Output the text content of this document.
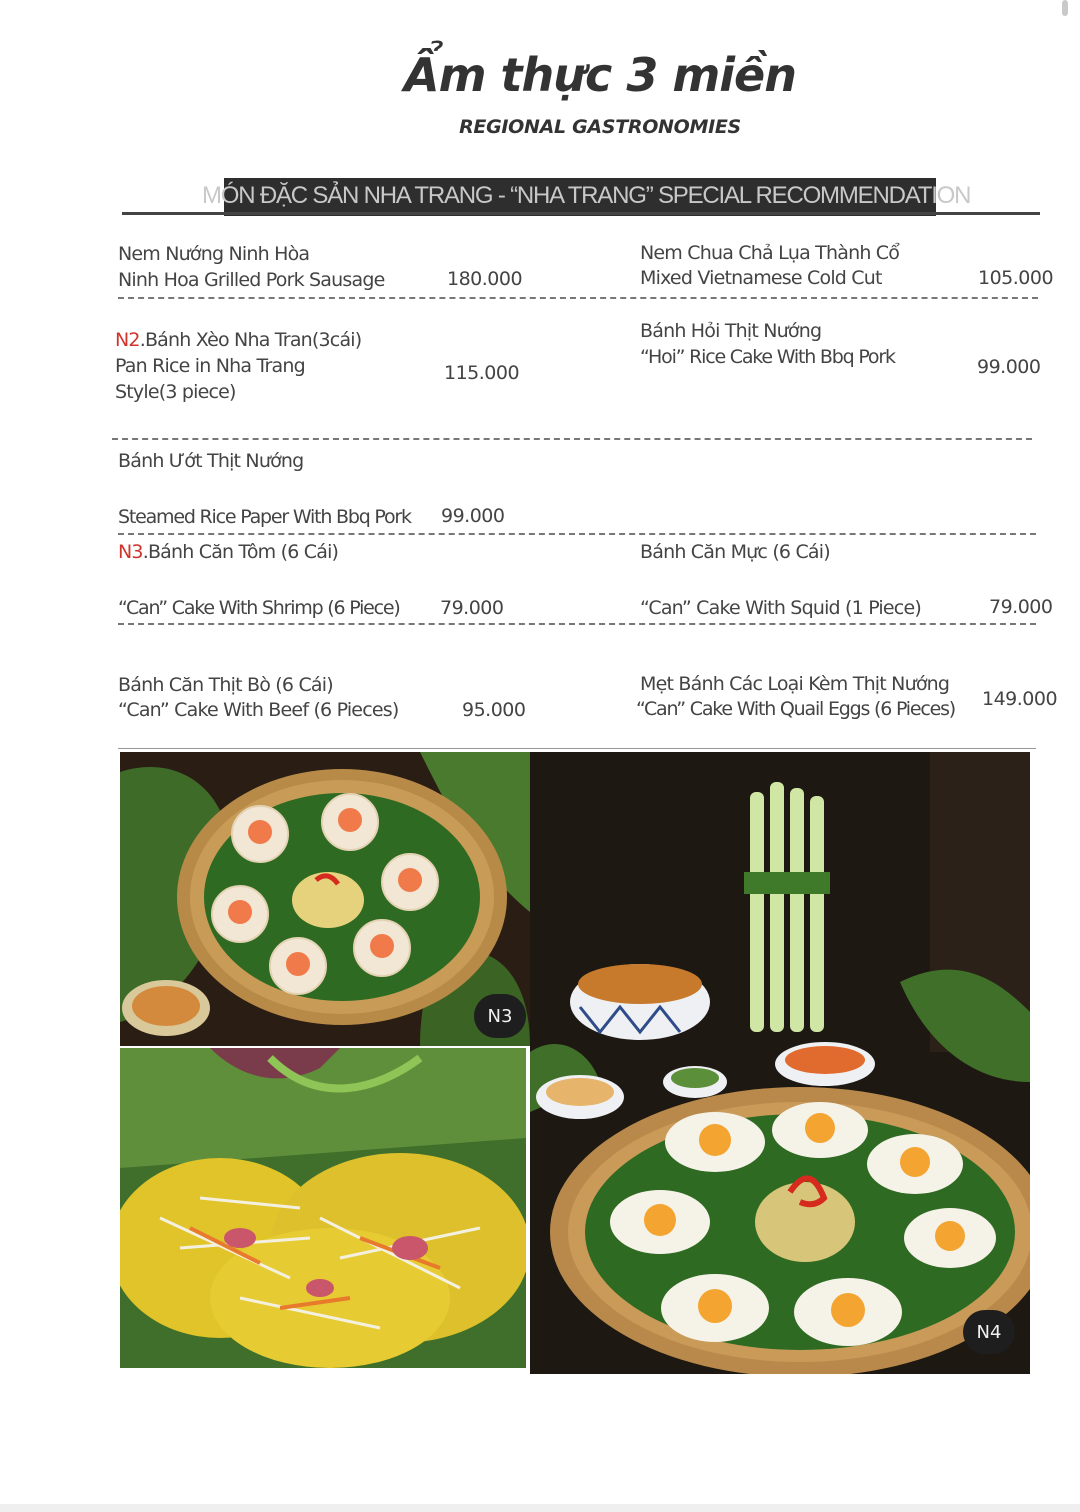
Ẩm thực 3 miền
REGIONAL GASTRONOMIES
MÓN ĐẶC SẢN NHA TRANG - “NHA TRANG” SPECIAL RECOMMENDATION
Nem Nướng Ninh Hòa
Ninh Hoa Grilled Pork Sausage	180.000
Nem Chua Chả Lụa Thành Cổ
Mixed Vietnamese Cold Cut	105.000
N2.Bánh Xèo Nha Tran(3cái)
Pan Rice in Nha Trang
Style(3 piece)
115.000
Bánh Hỏi Thịt Nướng
“Hoi” Rice Cake With Bbq Pork	99.000
Bánh Ướt Thịt Nướng
Steamed Rice Paper With Bbq Pork 99.000
N3.Bánh Căn Tôm (6 Cái)
“Can” Cake With Shrimp (6 Piece) 79.000
Bánh Căn Mực (6 Cái)
“Can” Cake With Squid (1 Piece)	79.000
Bánh Căn Thịt Bò (6 Cái)
“Can” Cake With Beef (6 Pieces)	95.000
Mẹt Bánh Các Loại Kèm Thịt Nướng
“Can” Cake With Quail Eggs (6 Pieces) 149.000
N3
N4
